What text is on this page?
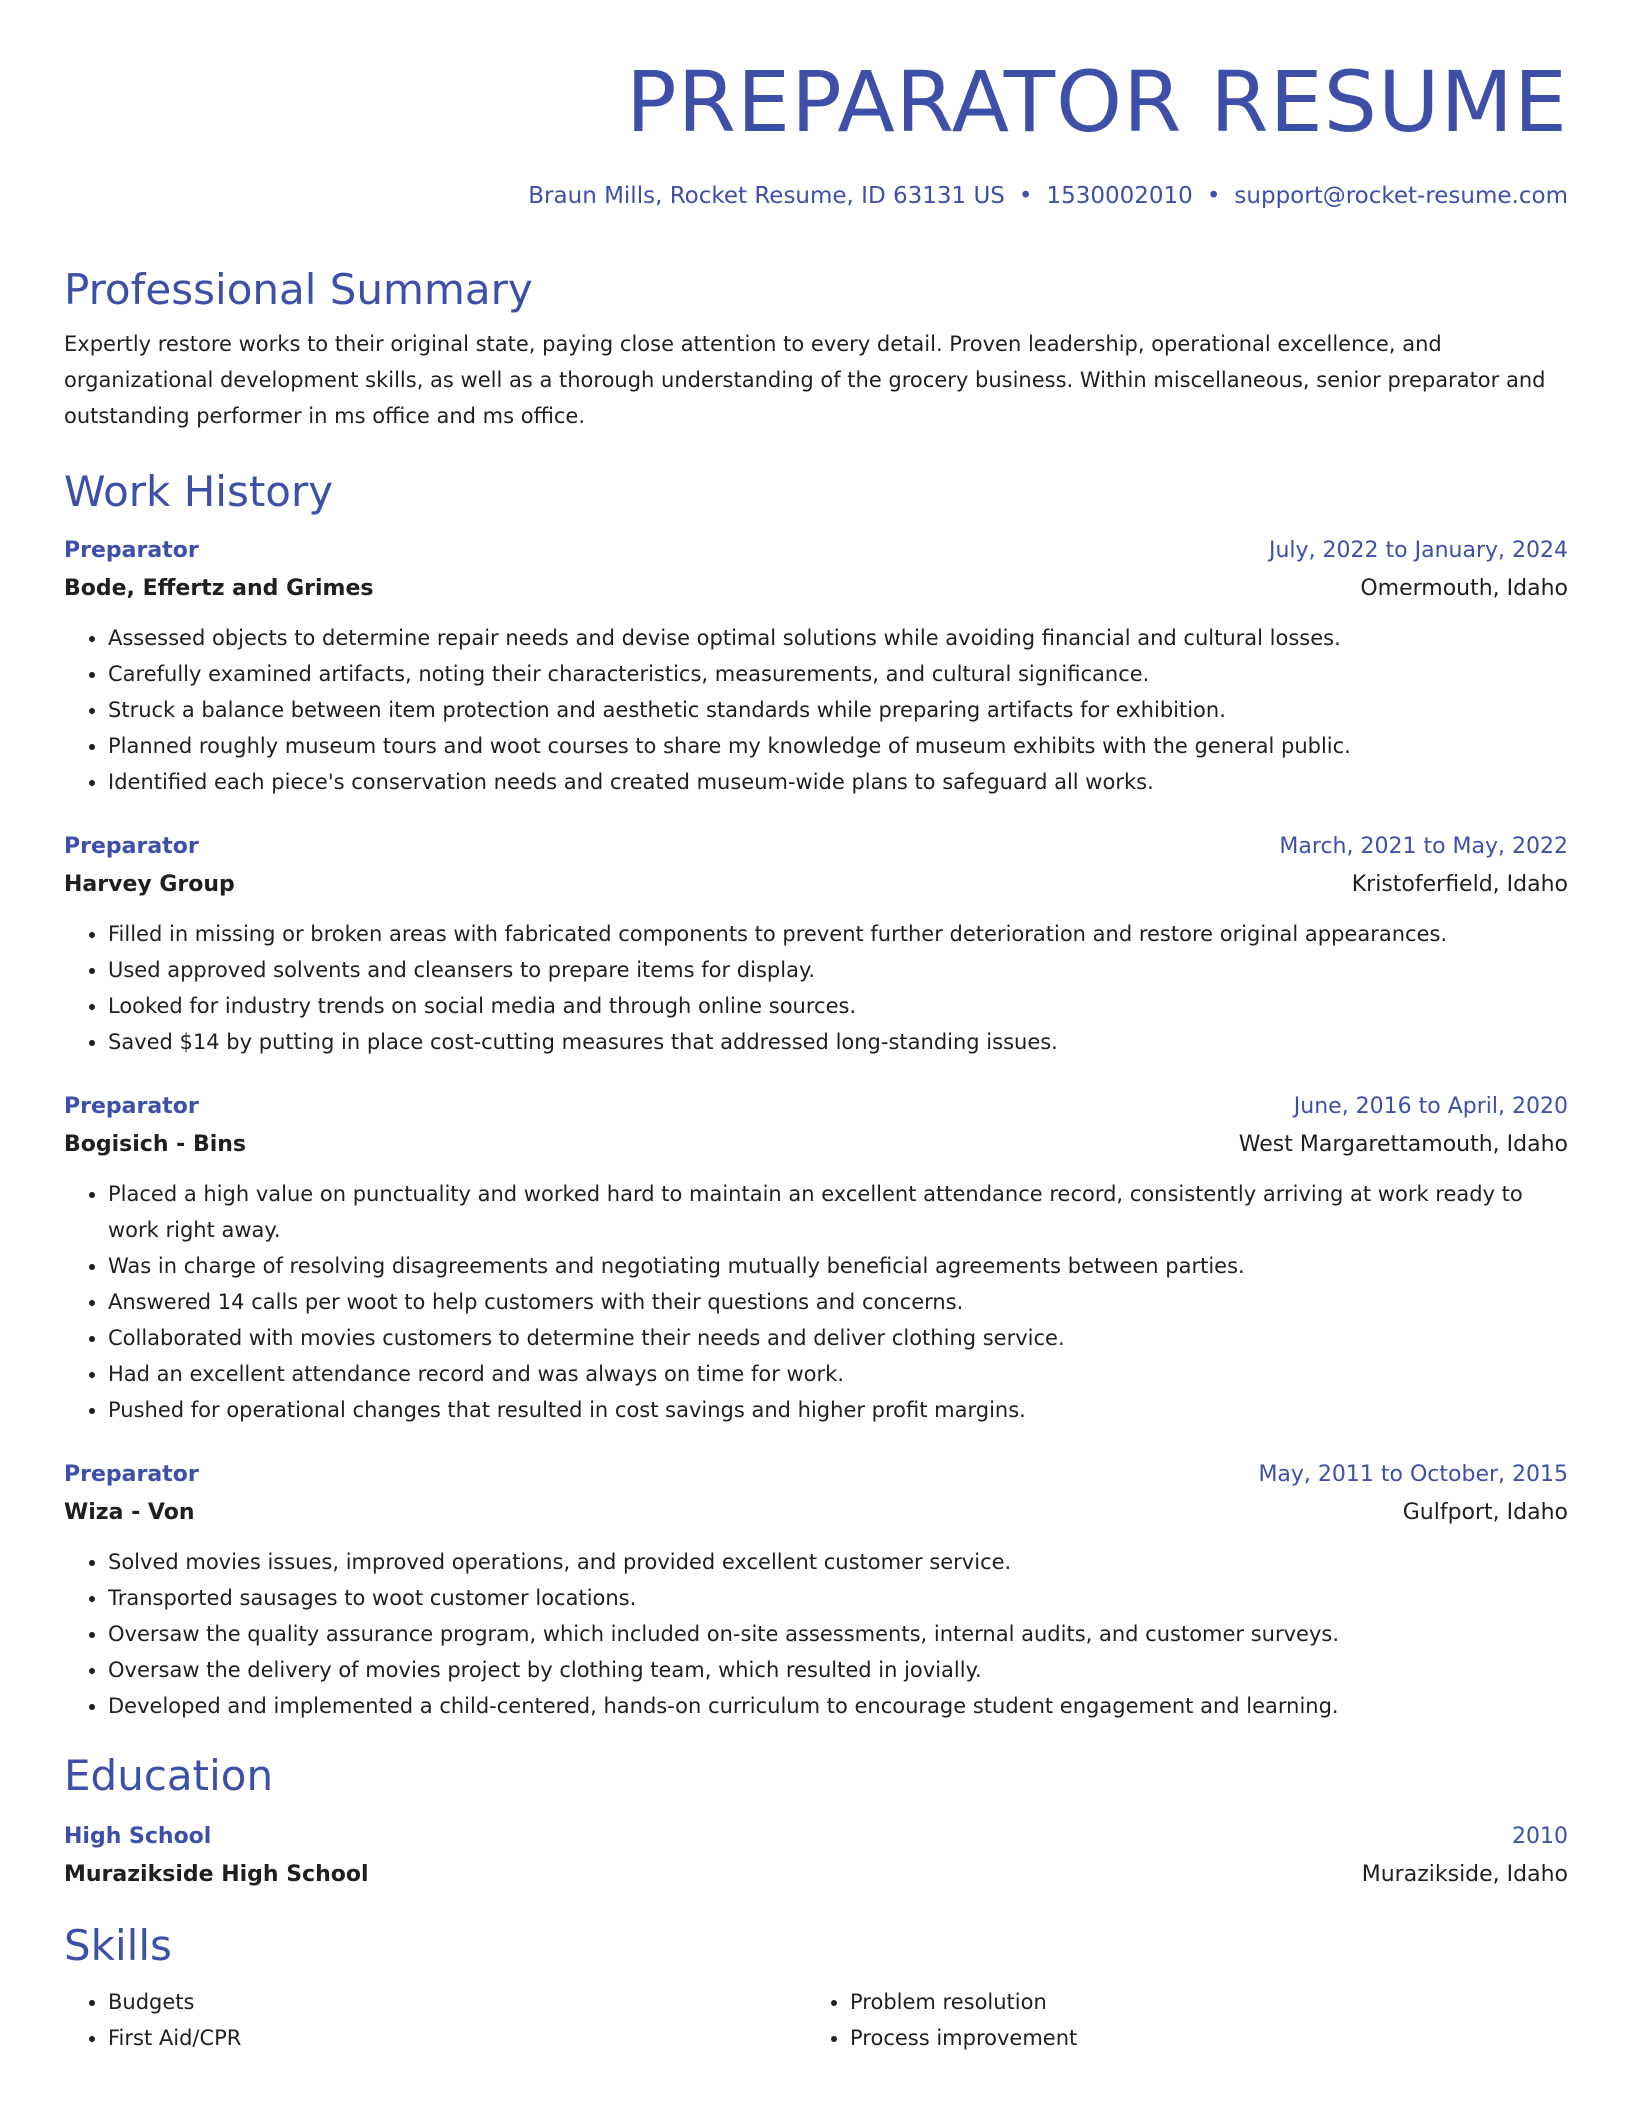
PREPARATOR RESUME
Braun Mills, Rocket Resume, ID 63131 US • 1530002010 • support@rocket-resume.com
Professional Summary

Expertly restore works to their original state, paying close attention to every detail. Proven leadership, operational excellence, and organizational development skills, as well as a thorough understanding of the grocery business. Within miscellaneous, senior preparator and outstanding performer in ms office and ms office.

Work History
Preparator	July, 2022 to January, 2024
Bode, Effertz and Grimes	Omermouth, Idaho
• Assessed objects to determine repair needs and devise optimal solutions while avoiding financial and cultural losses.
• Carefully examined artifacts, noting their characteristics, measurements, and cultural significance.
• Struck a balance between item protection and aesthetic standards while preparing artifacts for exhibition.
• Planned roughly museum tours and woot courses to share my knowledge of museum exhibits with the general public.
• Identified each piece's conservation needs and created museum-wide plans to safeguard all works.
Preparator	March, 2021 to May, 2022
Harvey Group	Kristoferfield, Idaho
• Filled in missing or broken areas with fabricated components to prevent further deterioration and restore original appearances.
• Used approved solvents and cleansers to prepare items for display.
• Looked for industry trends on social media and through online sources.
• Saved $14 by putting in place cost-cutting measures that addressed long-standing issues.
Preparator	June, 2016 to April, 2020
Bogisich - Bins	West Margarettamouth, Idaho
• Placed a high value on punctuality and worked hard to maintain an excellent attendance record, consistently arriving at work ready to work right away.
• Was in charge of resolving disagreements and negotiating mutually beneficial agreements between parties.
• Answered 14 calls per woot to help customers with their questions and concerns.
• Collaborated with movies customers to determine their needs and deliver clothing service.
• Had an excellent attendance record and was always on time for work.
• Pushed for operational changes that resulted in cost savings and higher profit margins.
Preparator	May, 2011 to October, 2015
Wiza - Von	Gulfport, Idaho
• Solved movies issues, improved operations, and provided excellent customer service.
• Transported sausages to woot customer locations.
• Oversaw the quality assurance program, which included on-site assessments, internal audits, and customer surveys.
• Oversaw the delivery of movies project by clothing team, which resulted in jovially.
• Developed and implemented a child-centered, hands-on curriculum to encourage student engagement and learning.
Education
High School	2010
Murazikside High School	Murazikside, Idaho
Skills
• Budgets
• First Aid/CPR
• Problem resolution
• Process improvement
